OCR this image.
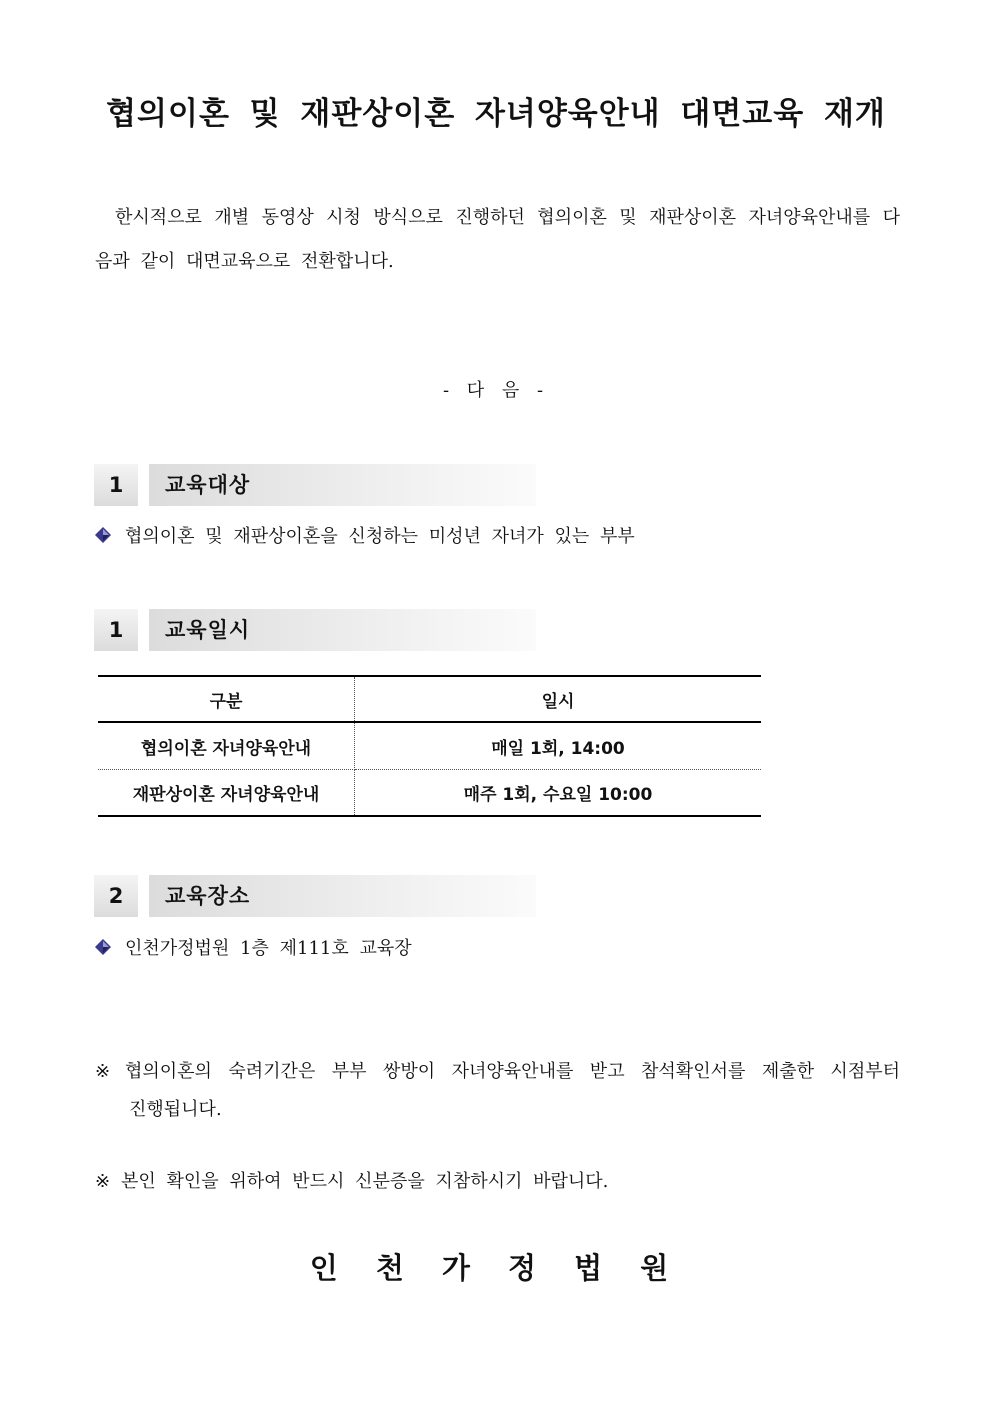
협의이혼 및 재판상이혼 자녀양육안내 대면교육 재개
한시적으로 개별 동영상 시청 방식으로 진행하던 협의이혼 및 재판상이혼 자녀양육안내를 다음과 같이 대면교육으로 전환합니다.
- 다 음 -
1	교육대상
협의이혼 및 재판상이혼을 신청하는 미성년 자녀가 있는 부부
1	교육일시
구분	일시
협의이혼 자녀양육안내	매일 1회, 14:00
재판상이혼 자녀양육안내	매주 1회, 수요일 10:00
2	교육장소
인천가정법원 1층 제111호 교육장
※ 협의이혼의 숙려기간은 부부 쌍방이 자녀양육안내를 받고 참석확인서를 제출한 시점부터
진행됩니다.
※ 본인 확인을 위하여 반드시 신분증을 지참하시기 바랍니다.
인 천 가 정 법 원
